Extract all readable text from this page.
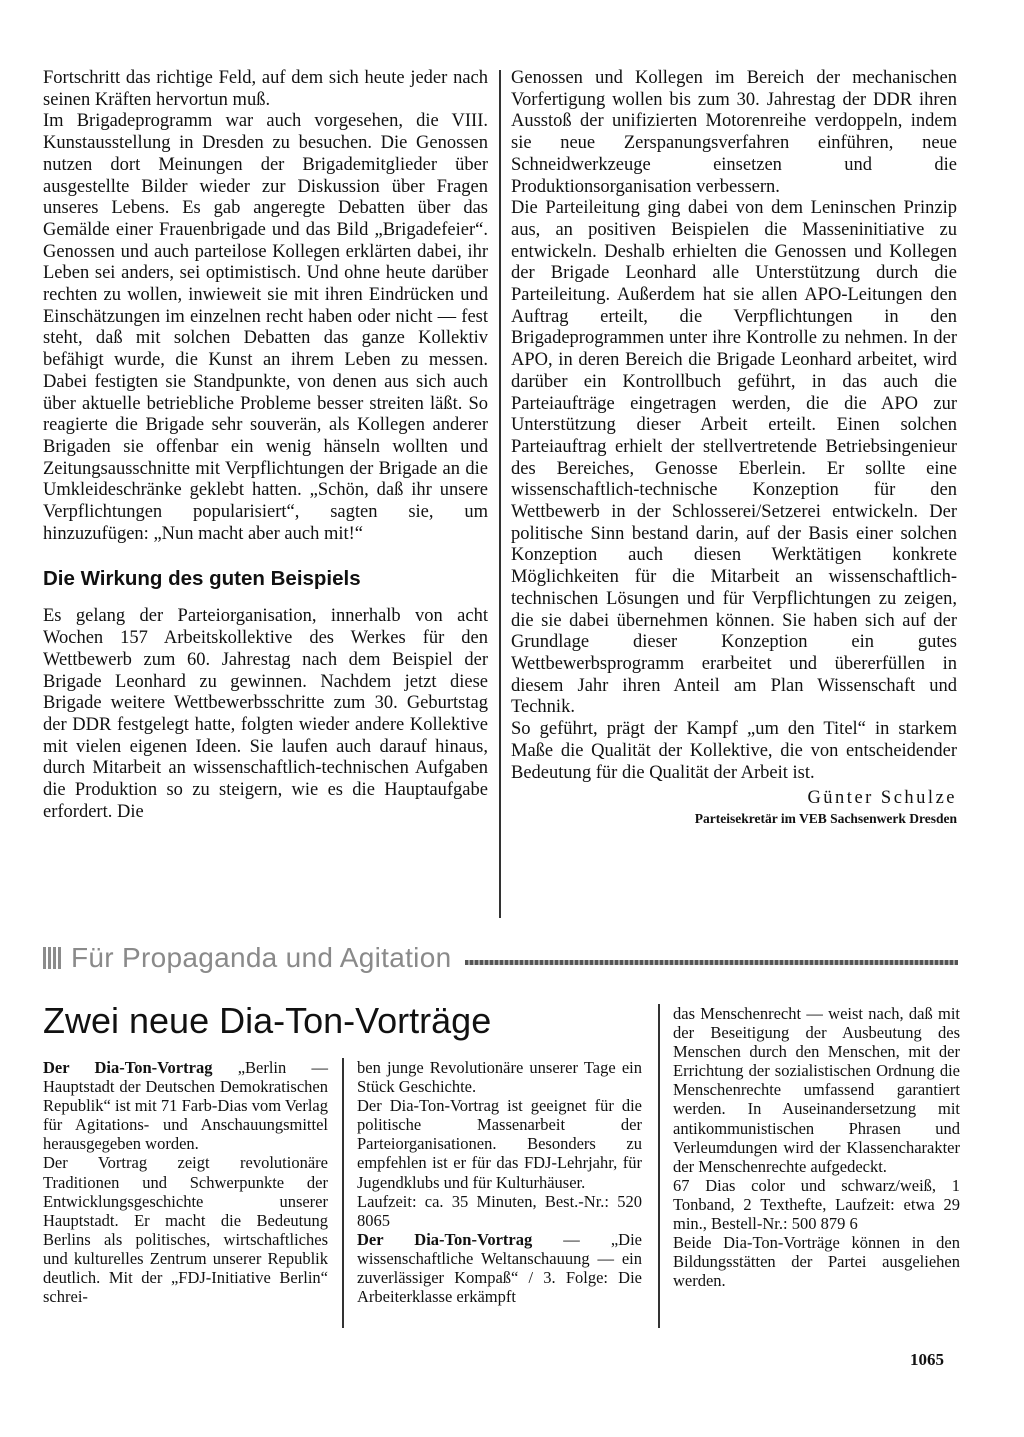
Fortschritt das richtige Feld, auf dem sich heute jeder nach seinen Kräften hervortun muß.

Im Brigadeprogramm war auch vorgesehen, die VIII. Kunstausstellung in Dresden zu besuchen. Die Genossen nutzen dort Meinungen der Brigademitglieder über ausgestellte Bilder wieder zur Diskussion über Fragen unseres Lebens. Es gab angeregte Debatten über das Gemälde einer Frauenbrigade und das Bild „Brigadefeier“. Genossen und auch parteilose Kollegen erklärten dabei, ihr Leben sei anders, sei optimistisch. Und ohne heute darüber rechten zu wollen, inwieweit sie mit ihren Eindrücken und Einschätzungen im einzelnen recht haben oder nicht — fest steht, daß mit solchen Debatten das ganze Kollektiv befähigt wurde, die Kunst an ihrem Leben zu messen. Dabei festigten sie Standpunkte, von denen aus sich auch über aktuelle betriebliche Probleme besser streiten läßt. So reagierte die Brigade sehr souverän, als Kollegen anderer Brigaden sie offenbar ein wenig hänseln wollten und Zeitungsausschnitte mit Verpflichtungen der Brigade an die Umkleideschränke geklebt hatten. „Schön, daß ihr unsere Verpflichtungen popularisiert“, sagten sie, um hinzuzufügen: „Nun macht aber auch mit!“

Die Wirkung des guten Beispiels

Es gelang der Parteiorganisation, innerhalb von acht Wochen 157 Arbeitskollektive des Werkes für den Wettbewerb zum 60. Jahrestag nach dem Beispiel der Brigade Leonhard zu gewinnen. Nachdem jetzt diese Brigade weitere Wettbewerbsschritte zum 30. Geburtstag der DDR festgelegt hatte, folgten wieder andere Kollektive mit vielen eigenen Ideen. Sie laufen auch darauf hinaus, durch Mitarbeit an wissenschaftlich-technischen Aufgaben die Produktion so zu steigern, wie es die Hauptaufgabe erfordert. Die

Genossen und Kollegen im Bereich der mechanischen Vorfertigung wollen bis zum 30. Jahrestag der DDR ihren Ausstoß der unifizierten Motorenreihe verdoppeln, indem sie neue Zerspanungsverfahren einführen, neue Schneidwerkzeuge einsetzen und die Produktionsorganisation verbessern.

Die Parteileitung ging dabei von dem Leninschen Prinzip aus, an positiven Beispielen die Masseninitiative zu entwickeln. Deshalb erhielten die Genossen und Kollegen der Brigade Leonhard alle Unterstützung durch die Parteileitung. Außerdem hat sie allen APO-Leitungen den Auftrag erteilt, die Verpflichtungen in den Brigadeprogrammen unter ihre Kontrolle zu nehmen. In der APO, in deren Bereich die Brigade Leonhard arbeitet, wird darüber ein Kontrollbuch geführt, in das auch die Parteiaufträge eingetragen werden, die die APO zur Unterstützung dieser Arbeit erteilt. Einen solchen Parteiauftrag erhielt der stellvertretende Betriebsingenieur des Bereiches, Genosse Eberlein. Er sollte eine wissenschaftlich-technische Konzeption für den Wettbewerb in der Schlosserei/Setzerei entwickeln. Der politische Sinn bestand darin, auf der Basis einer solchen Konzeption auch diesen Werktätigen konkrete Möglichkeiten für die Mitarbeit an wissenschaftlich-technischen Lösungen und für Verpflichtungen zu zeigen, die sie dabei übernehmen können. Sie haben sich auf der Grundlage dieser Konzeption ein gutes Wettbewerbsprogramm erarbeitet und übererfüllen in diesem Jahr ihren Anteil am Plan Wissenschaft und Technik.

So geführt, prägt der Kampf „um den Titel“ in starkem Maße die Qualität der Kollektive, die von entscheidender Bedeutung für die Qualität der Arbeit ist.

Günter Schulze

Parteisekretär im VEB Sachsenwerk Dresden

Für Propaganda und Agitation
Zwei neue Dia-Ton-Vorträge

Der Dia-Ton-Vortrag „Berlin — Hauptstadt der Deutschen Demokratischen Republik“ ist mit 71 Farb-Dias vom Verlag für Agitations- und Anschauungsmittel herausgegeben worden.

Der Vortrag zeigt revolutionäre Traditionen und Schwerpunkte der Entwicklungsgeschichte unserer Hauptstadt. Er macht die Bedeutung Berlins als politisches, wirtschaftliches und kulturelles Zentrum unserer Republik deutlich. Mit der „FDJ-Initiative Berlin“ schrei-

ben junge Revolutionäre unserer Tage ein Stück Geschichte.

Der Dia-Ton-Vortrag ist geeignet für die politische Massenarbeit der Parteiorganisationen. Besonders zu empfehlen ist er für das FDJ-Lehrjahr, für Jugendklubs und für Kulturhäuser.

Laufzeit: ca. 35 Minuten, Best.-Nr.: 520 8065

Der Dia-Ton-Vortrag — „Die wissenschaftliche Weltanschauung — ein zuverlässiger Kompaß“ / 3. Folge: Die Arbeiterklasse erkämpft

das Menschenrecht — weist nach, daß mit der Beseitigung der Ausbeutung des Menschen durch den Menschen, mit der Errichtung der sozialistischen Ordnung die Menschenrechte umfassend garantiert werden. In Auseinandersetzung mit antikommunistischen Phrasen und Verleumdungen wird der Klassencharakter der Menschenrechte aufgedeckt.

67 Dias color und schwarz/weiß, 1 Tonband, 2 Texthefte, Laufzeit: etwa 29 min., Bestell-Nr.: 500 879 6

Beide Dia-Ton-Vorträge können in den Bildungsstätten der Partei ausgeliehen werden.

1065
